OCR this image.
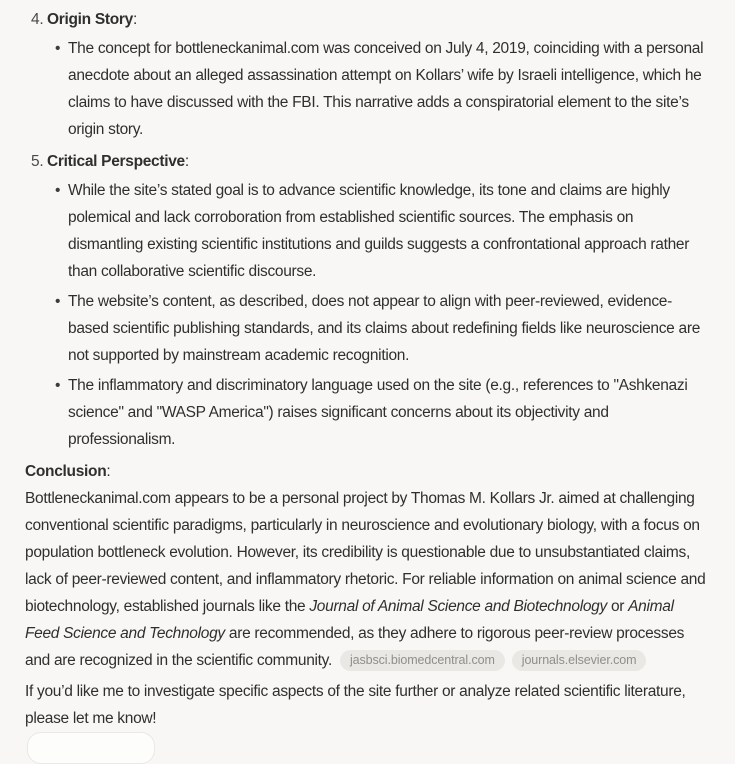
4. Origin Story:
• The concept for bottleneckanimal.com was conceived on July 4, 2019, coinciding with a personal anecdote about an alleged assassination attempt on Kollars’ wife by Israeli intelligence, which he claims to have discussed with the FBI. This narrative adds a conspiratorial element to the site’s origin story.
5. Critical Perspective:
• While the site’s stated goal is to advance scientific knowledge, its tone and claims are highly polemical and lack corroboration from established scientific sources. The emphasis on dismantling existing scientific institutions and guilds suggests a confrontational approach rather than collaborative scientific discourse.
• The website’s content, as described, does not appear to align with peer-reviewed, evidence-based scientific publishing standards, and its claims about redefining fields like neuroscience are not supported by mainstream academic recognition.
• The inflammatory and discriminatory language used on the site (e.g., references to "Ashkenazi science" and "WASP America") raises significant concerns about its objectivity and professionalism.
Conclusion:

Bottleneckanimal.com appears to be a personal project by Thomas M. Kollars Jr. aimed at challenging conventional scientific paradigms, particularly in neuroscience and evolutionary biology, with a focus on population bottleneck evolution. However, its credibility is questionable due to unsubstantiated claims, lack of peer-reviewed content, and inflammatory rhetoric. For reliable information on animal science and biotechnology, established journals like the Journal of Animal Science and Biotechnology or Animal Feed Science and Technology are recommended, as they adhere to rigorous peer-review processes and are recognized in the scientific community. jasbsci.biomedcentral.com journals.elsevier.com

If you’d like me to investigate specific aspects of the site further or analyze related scientific literature, please let me know!
